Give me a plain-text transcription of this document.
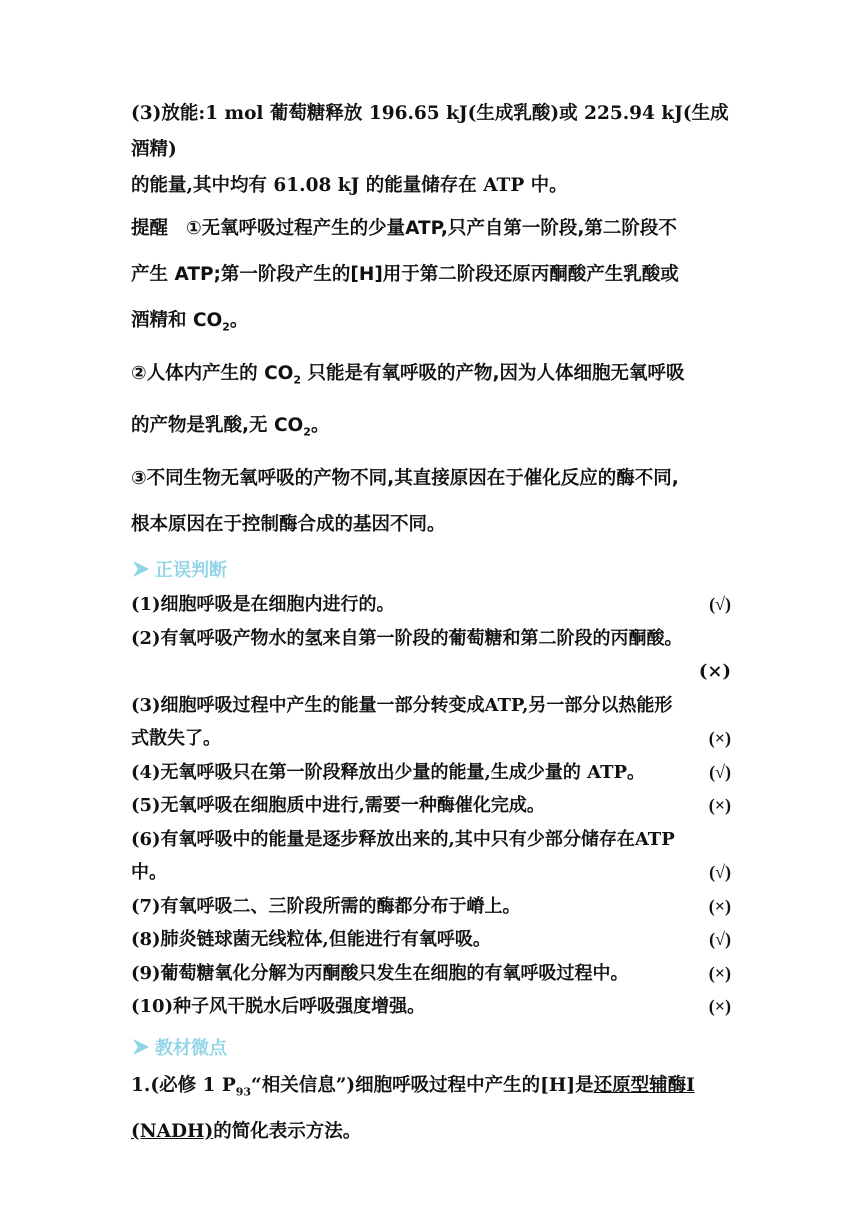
(3)放能:1 mol 葡萄糖释放 196.65 kJ(生成乳酸)或 225.94 kJ(生成酒精)

的能量,其中均有 61.08 kJ 的能量储存在 ATP 中。

提醒 ①无氧呼吸过程产生的少量ATP,只产自第一阶段,第二阶段不

产生 ATP;第一阶段产生的[H]用于第二阶段还原丙酮酸产生乳酸或

酒精和 $CO_2$。

②人体内产生的 $CO_2$ 只能是有氧呼吸的产物,因为人体细胞无氧呼吸

的产物是乳酸,无 $CO_2$。

③不同生物无氧呼吸的产物不同,其直接原因在于催化反应的酶不同,

根本原因在于控制酶合成的基因不同。

正误判断

(1)细胞呼吸是在细胞内进行的。	(√)

(2)有氧呼吸产物水的氢来自第一阶段的葡萄糖和第二阶段的丙酮酸。

(×)

(3)细胞呼吸过程中产生的能量一部分转变成ATP,另一部分以热能形

式散失了。	(×)

(4)无氧呼吸只在第一阶段释放出少量的能量,生成少量的 ATP。	(√)

(5)无氧呼吸在细胞质中进行,需要一种酶催化完成。	(×)

(6)有氧呼吸中的能量是逐步释放出来的,其中只有少部分储存在ATP

中。	(√)

(7)有氧呼吸二、三阶段所需的酶都分布于嵴上。	(×)

(8)肺炎链球菌无线粒体,但能进行有氧呼吸。	(√)

(9)葡萄糖氧化分解为丙酮酸只发生在细胞的有氧呼吸过程中。	(×)

(10)种子风干脱水后呼吸强度增强。	(×)

教材微点

1.(必修 1 $P_{93}“$相关信息”)细胞呼吸过程中产生的[H]是还原型辅酶Ⅰ

(NADH)的简化表示方法。
